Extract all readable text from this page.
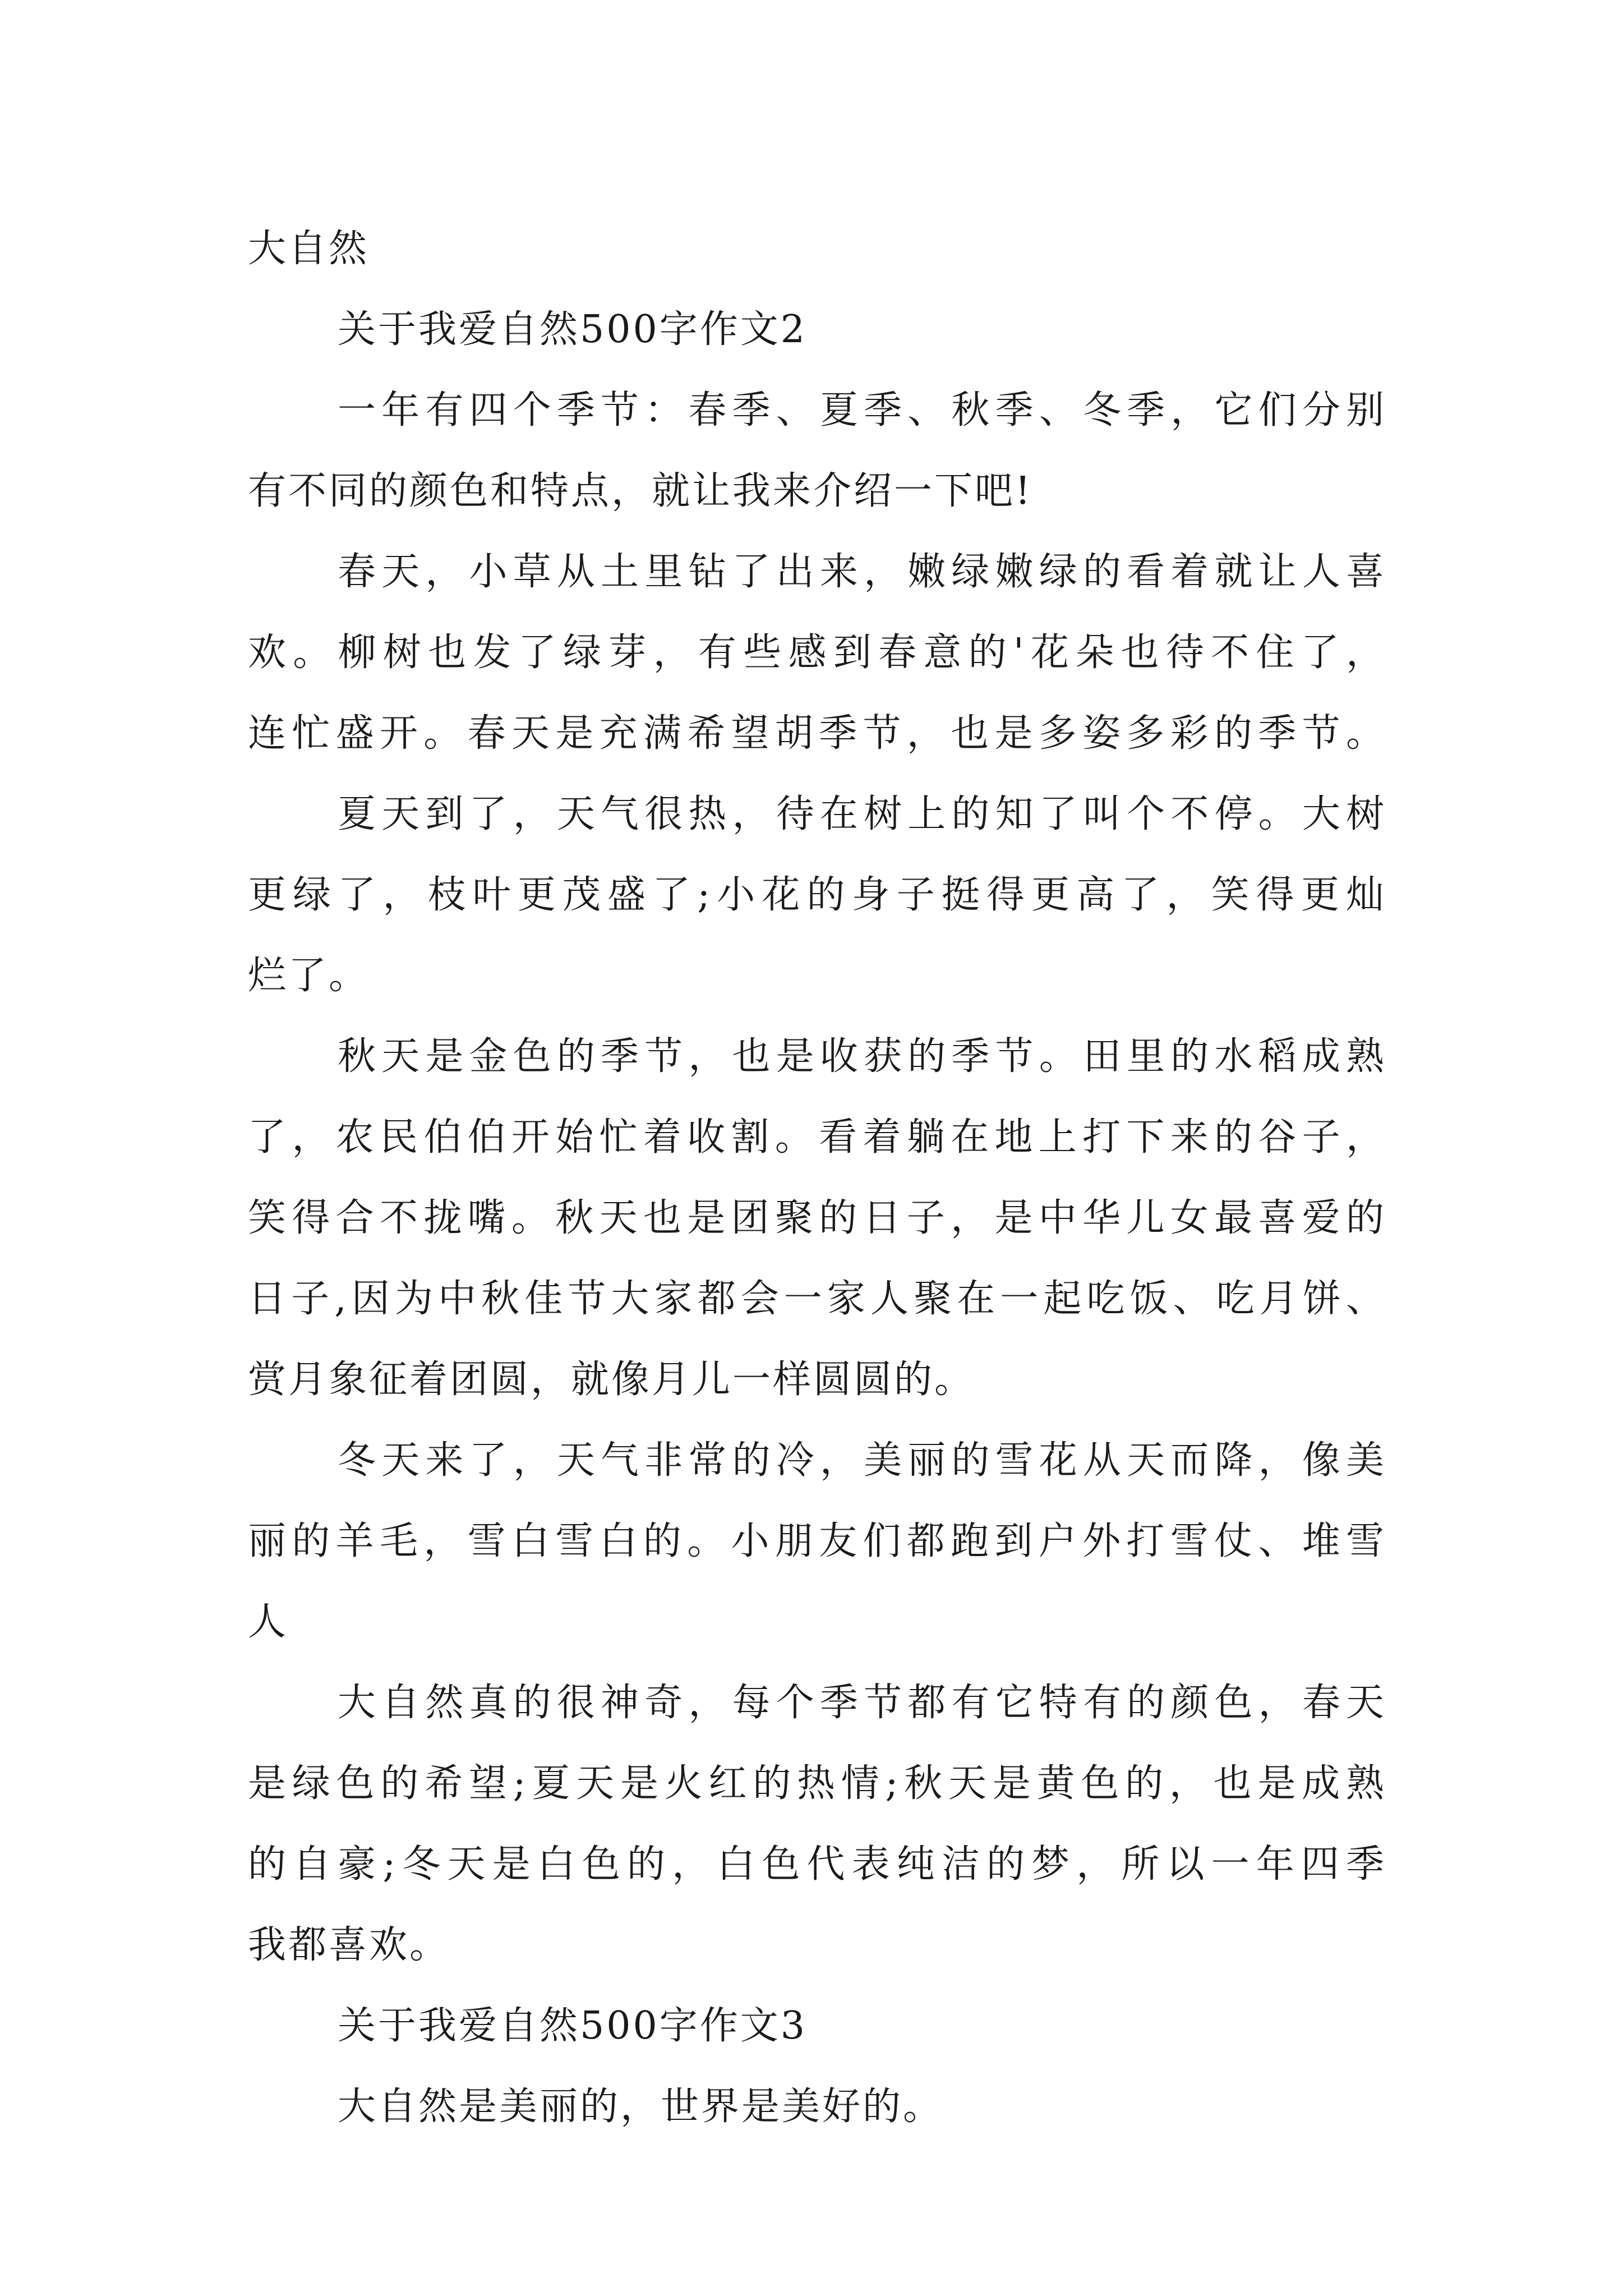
大自然

关于我爱自然500字作文2

一年有四个季节：春季、夏季、秋季、冬季，它们分别

有不同的颜色和特点，就让我来介绍一下吧!

春天，小草从土里钻了出来，嫩绿嫩绿的看着就让人喜

欢。柳树也发了绿芽，有些感到春意的'花朵也待不住了，

连忙盛开。春天是充满希望胡季节，也是多姿多彩的季节。

夏天到了，天气很热，待在树上的知了叫个不停。大树

更绿了，枝叶更茂盛了;小花的身子挺得更高了，笑得更灿

烂了。

秋天是金色的季节，也是收获的季节。田里的水稻成熟

了，农民伯伯开始忙着收割。看着躺在地上打下来的谷子，

笑得合不拢嘴。秋天也是团聚的日子，是中华儿女最喜爱的

日子,因为中秋佳节大家都会一家人聚在一起吃饭、吃月饼、

赏月象征着团圆，就像月儿一样圆圆的。

冬天来了，天气非常的冷，美丽的雪花从天而降，像美

丽的羊毛，雪白雪白的。小朋友们都跑到户外打雪仗、堆雪

人

大自然真的很神奇，每个季节都有它特有的颜色，春天

是绿色的希望;夏天是火红的热情;秋天是黄色的，也是成熟

的自豪;冬天是白色的，白色代表纯洁的梦，所以一年四季

我都喜欢。

关于我爱自然500字作文3

大自然是美丽的，世界是美好的。
